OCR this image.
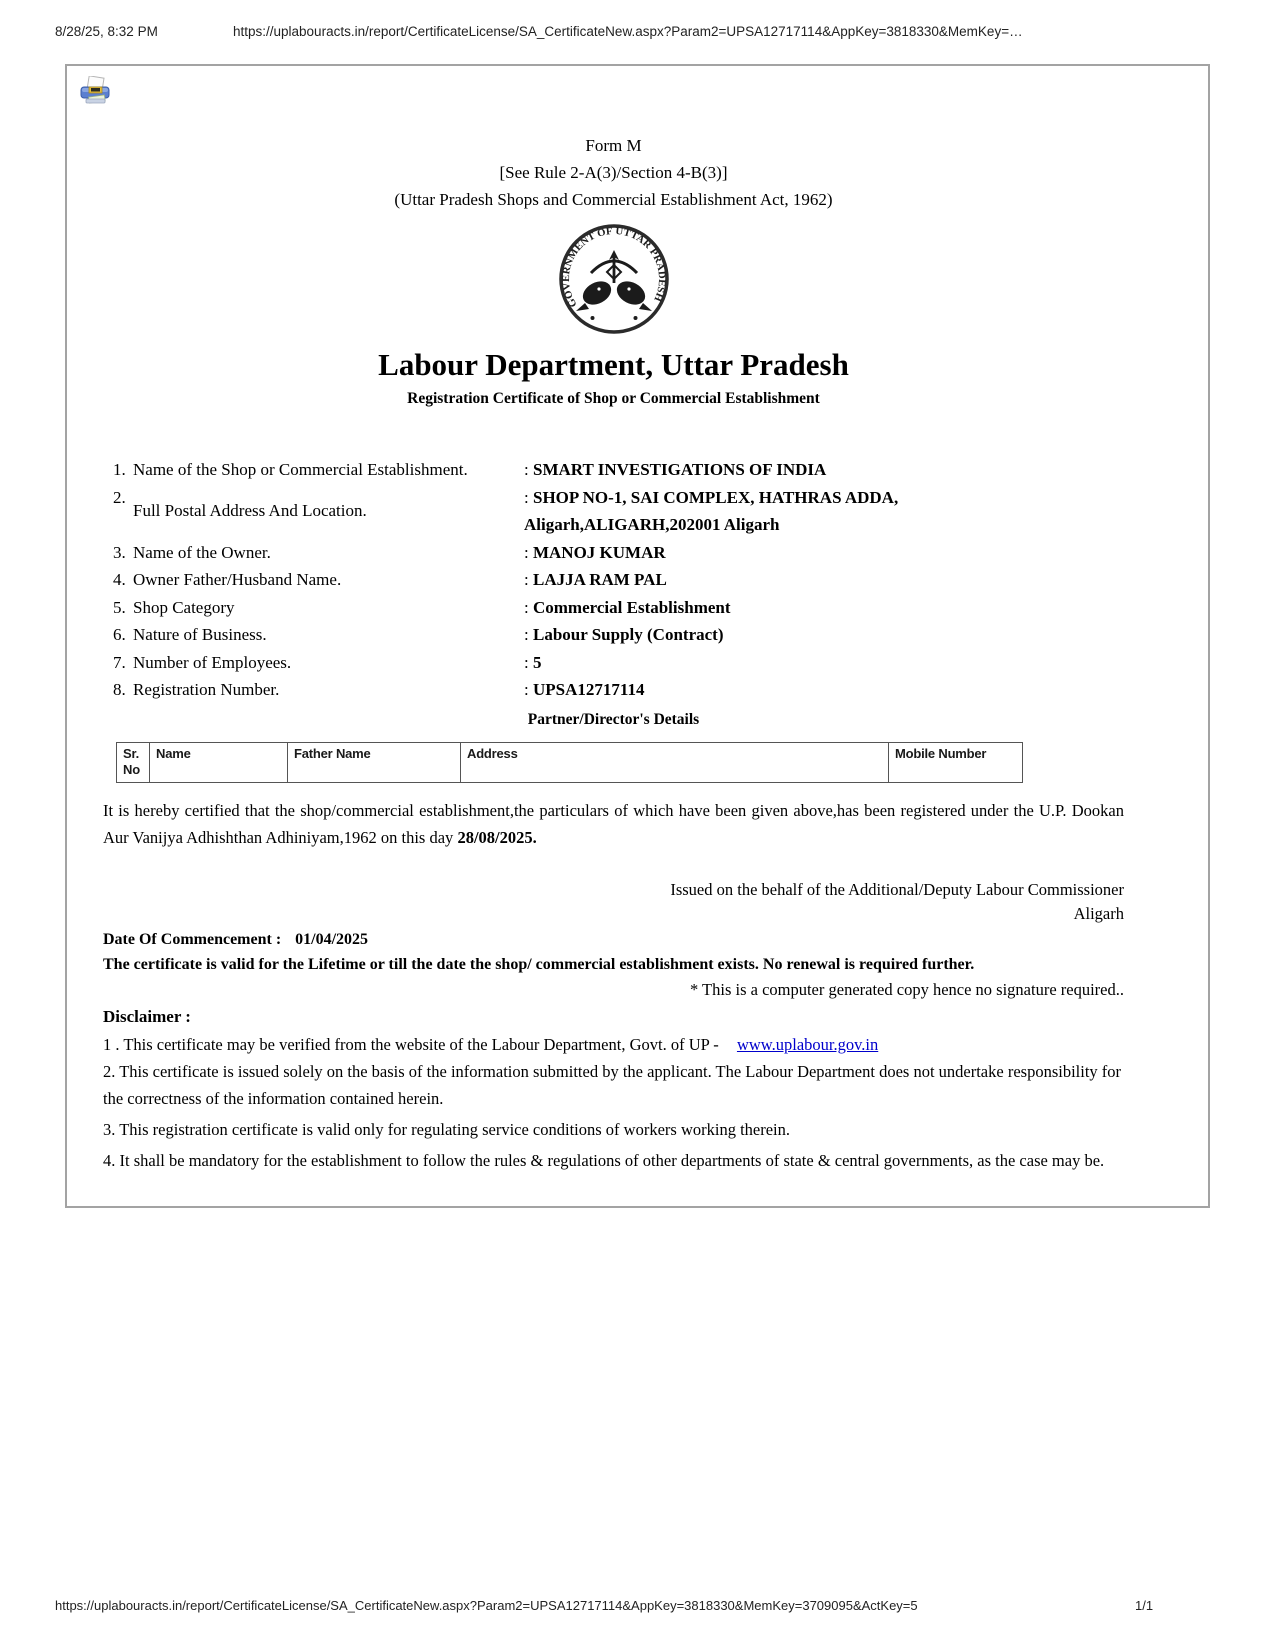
8/28/25, 8:32 PM	https://uplabouracts.in/report/CertificateLicense/SA_CertificateNew.aspx?Param2=UPSA12717114&AppKey=3818330&MemKey=…
Form M
[See Rule 2-A(3)/Section 4-B(3)]
(Uttar Pradesh Shops and Commercial Establishment Act, 1962)
GOVERNMENT OF UTTAR PRADESH
Labour Department, Uttar Pradesh
Registration Certificate of Shop or Commercial Establishment
1. Name of the Shop or Commercial Establishment.	: SMART INVESTIGATIONS OF INDIA
2.
Full Postal Address And Location.
: SHOP NO-1, SAI COMPLEX, HATHRAS ADDA, Aligarh,ALIGARH,202001 Aligarh
3. Name of the Owner.	: MANOJ KUMAR
4. Owner Father/Husband Name.	: LAJJA RAM PAL
5. Shop Category	: Commercial Establishment
6. Nature of Business.	: Labour Supply (Contract)
7. Number of Employees.	: 5
8. Registration Number.	: UPSA12717114
Partner/Director's Details
Sr. No	Name	Father Name	Address	Mobile Number
It is hereby certified that the shop/commercial establishment,the particulars of which have been given above,has been registered under the U.P. Dookan Aur Vanijya Adhishthan Adhiniyam,1962 on this day 28/08/2025.
Issued on the behalf of the Additional/Deputy Labour Commissioner
Aligarh
Date Of Commencement : 01/04/2025
The certificate is valid for the Lifetime or till the date the shop/ commercial establishment exists. No renewal is required further.
* This is a computer generated copy hence no signature required..
Disclaimer :
1 . This certificate may be verified from the website of the Labour Department, Govt. of UP - www.uplabour.gov.in
2. This certificate is issued solely on the basis of the information submitted by the applicant. The Labour Department does not undertake responsibility for the correctness of the information contained herein.
3. This registration certificate is valid only for regulating service conditions of workers working therein.
4. It shall be mandatory for the establishment to follow the rules & regulations of other departments of state & central governments, as the case may be.
https://uplabouracts.in/report/CertificateLicense/SA_CertificateNew.aspx?Param2=UPSA12717114&AppKey=3818330&MemKey=3709095&ActKey=5	1/1
